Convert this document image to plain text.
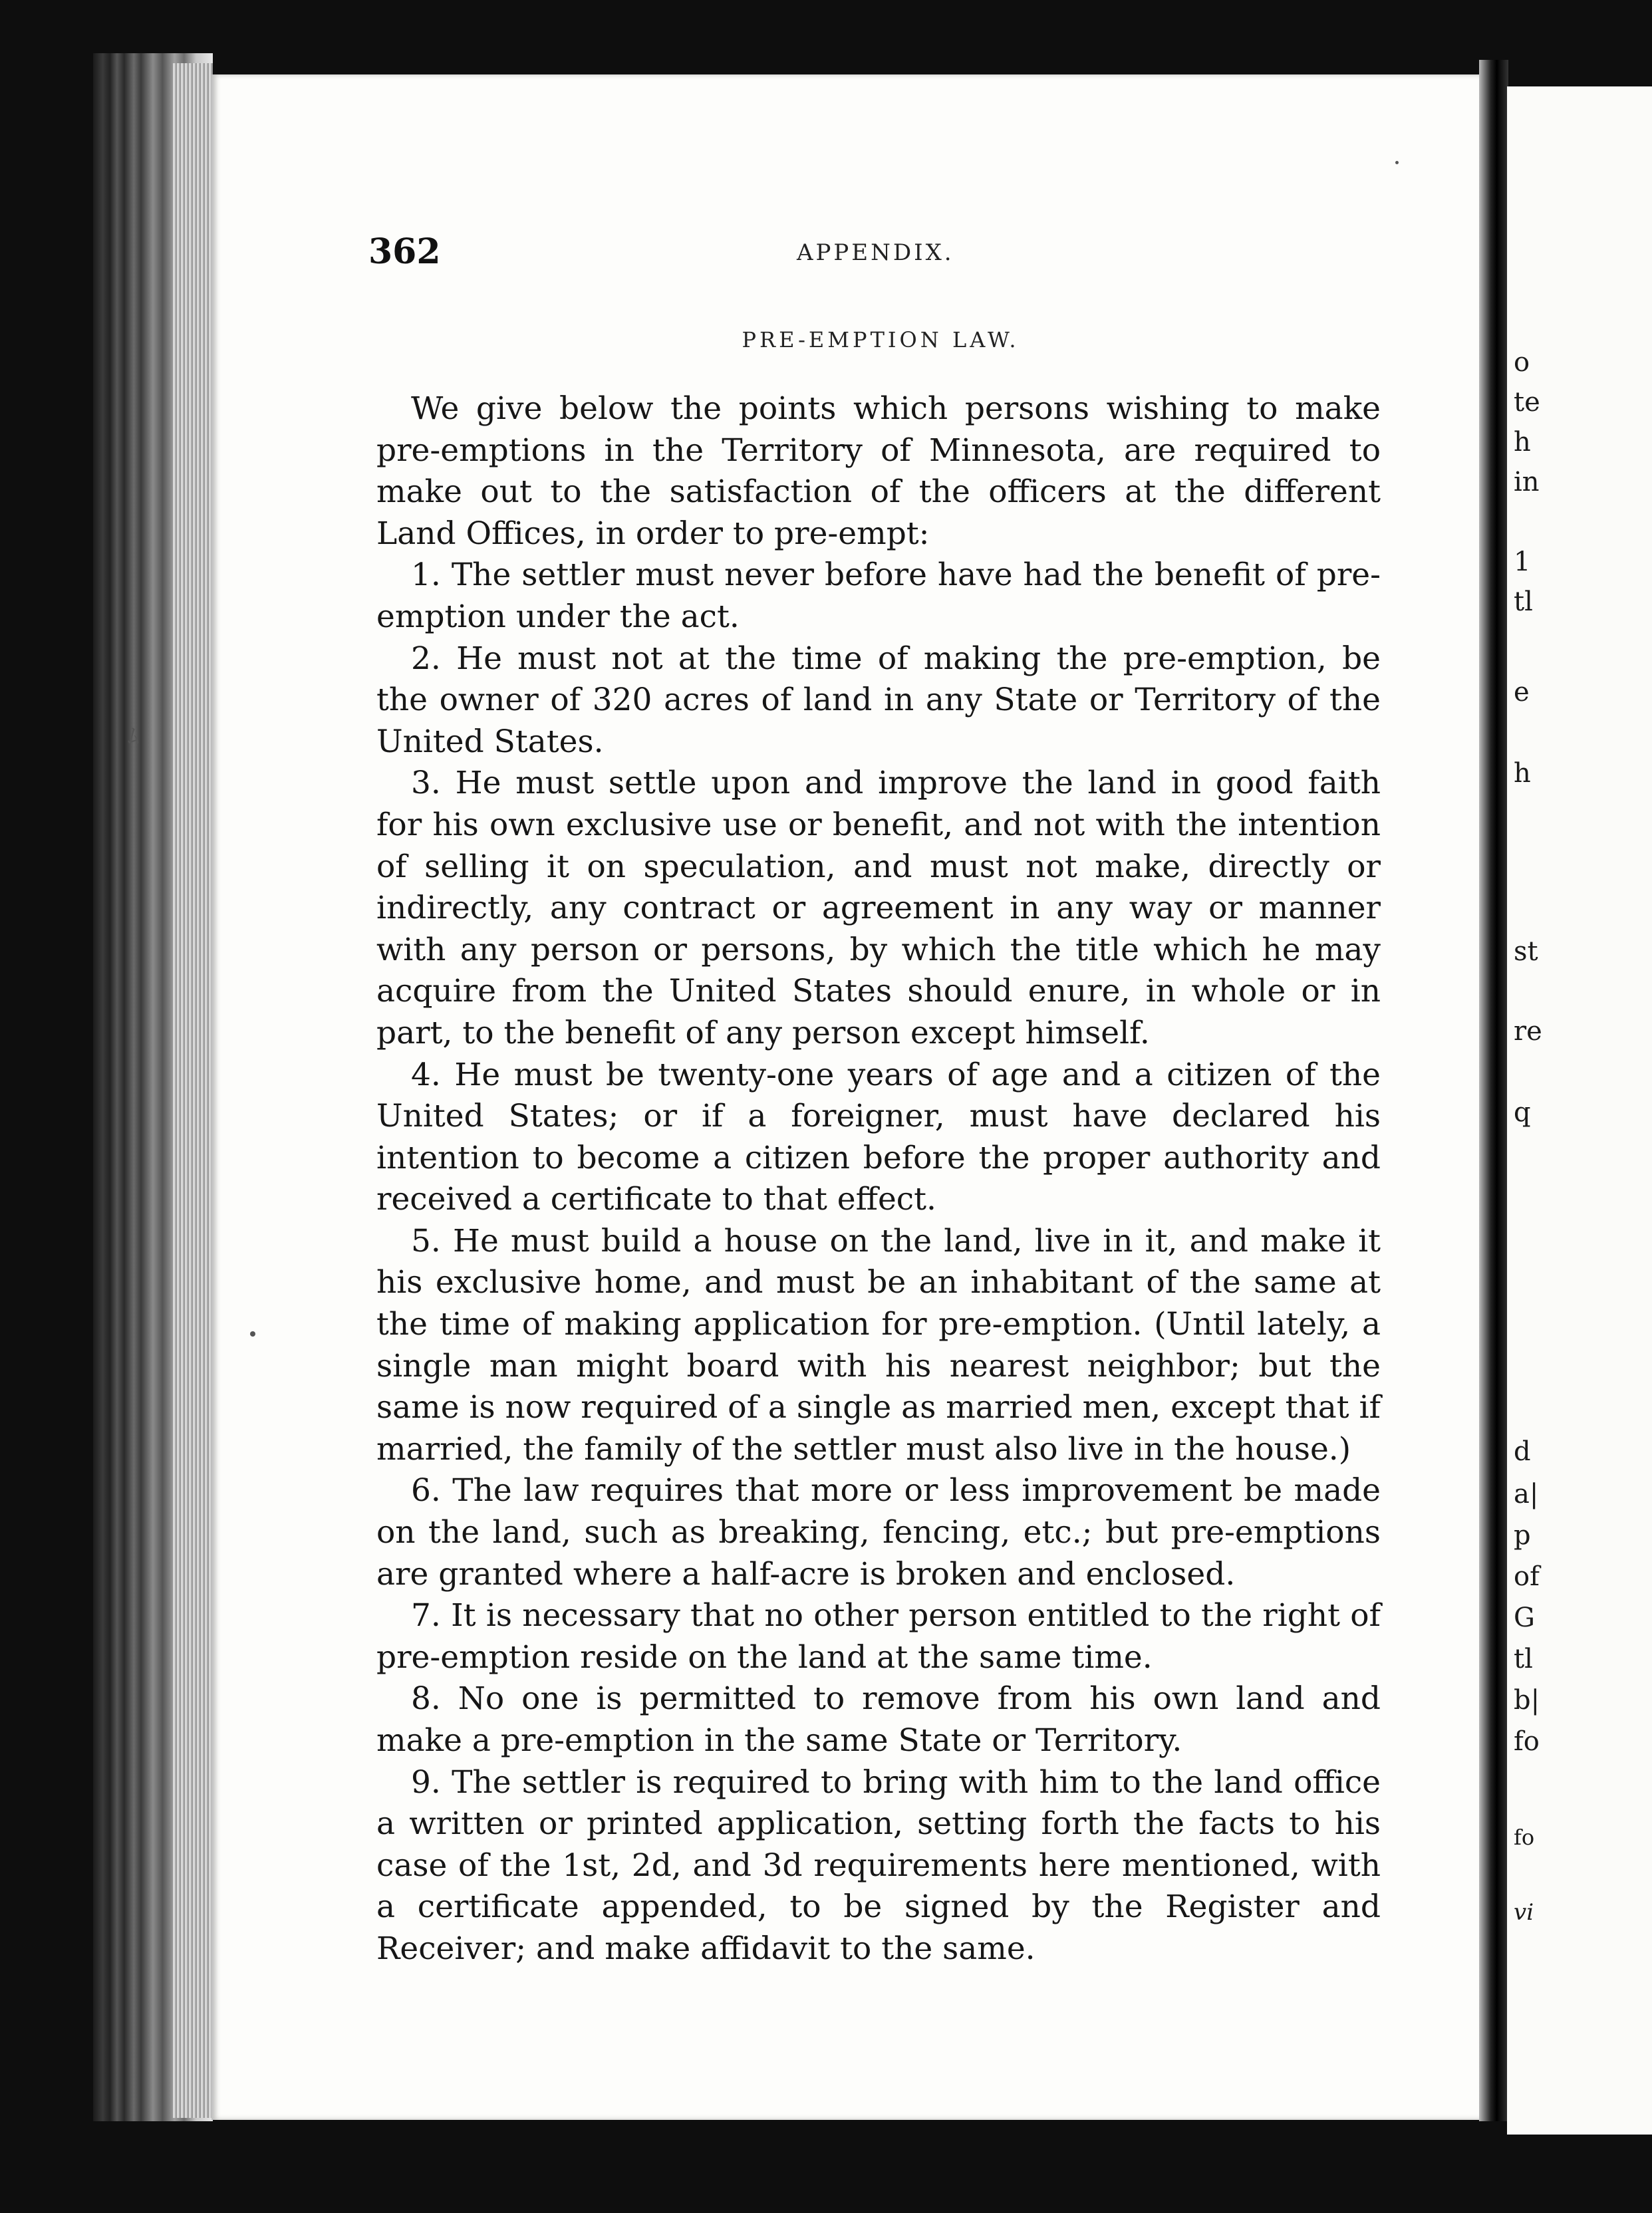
362	APPENDIX.
PRE-EMPTION LAW.

We give below the points which persons wishing to make pre-emptions in the Territory of Minnesota, are required to make out to the satisfaction of the officers at the different Land Offices, in order to pre-empt:

1. The settler must never before have had the benefit of pre-emption under the act.

2. He must not at the time of making the pre-emption, be the owner of 320 acres of land in any State or Territory of the United States.

3. He must settle upon and improve the land in good faith for his own exclusive use or benefit, and not with the intention of selling it on speculation, and must not make, directly or indirectly, any contract or agreement in any way or manner with any person or persons, by which the title which he may acquire from the United States should enure, in whole or in part, to the benefit of any person except himself.

4. He must be twenty-one years of age and a citizen of the United States; or if a foreigner, must have declared his intention to become a citizen before the proper authority and received a certificate to that effect.

5. He must build a house on the land, live in it, and make it his exclusive home, and must be an inhabitant of the same at the time of making application for pre-emption. (Until lately, a single man might board with his nearest neighbor; but the same is now required of a single as married men, except that if married, the family of the settler must also live in the house.)

6. The law requires that more or less improvement be made on the land, such as breaking, fencing, etc.; but pre-emptions are granted where a half-acre is broken and enclosed.

7. It is necessary that no other person entitled to the right of pre-emption reside on the land at the same time.

8. No one is permitted to remove from his own land and make a pre-emption in the same State or Territory.

9. The settler is required to bring with him to the land office a written or printed application, setting forth the facts to his case of the 1st, 2d, and 3d requirements here mentioned, with a certificate appended, to be signed by the Register and Receiver; and make affidavit to the same.

o
te
h
in
1
tl
e
h
st
re
q
d
a|
p
of
G
tl
b|
fo
fo
vi
ﾑ
